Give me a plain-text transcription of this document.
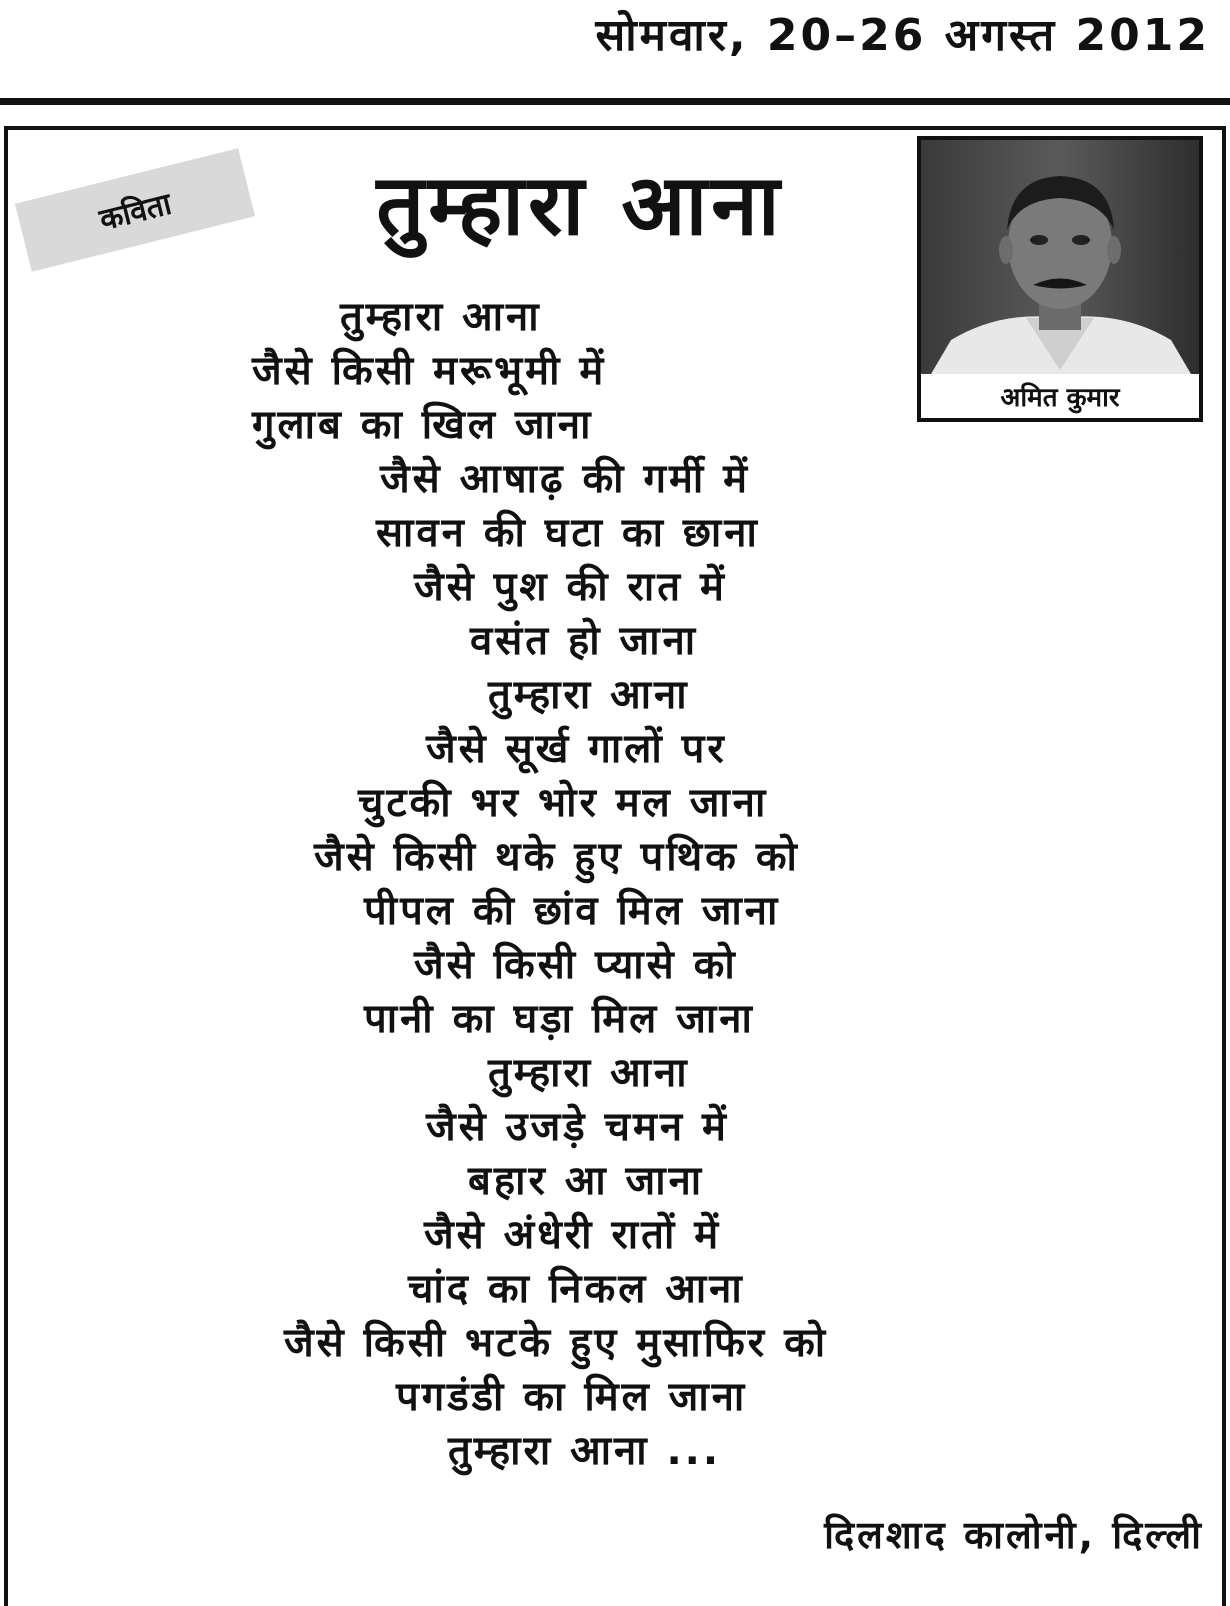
सोमवार, 20–26 अगस्त 2012
कविता	तुम्हारा आना
अमित कुमार
तुम्हारा आना
जैसे किसी मरूभूमी में
गुलाब का खिल जाना
जैसे आषाढ़ की गर्मी में
सावन की घटा का छाना
जैसे पुश की रात में
वसंत हो जाना
तुम्हारा आना
जैसे सूर्ख गालों पर
चुटकी भर भोर मल जाना
जैसे किसी थके हुए पथिक को
पीपल की छांव मिल जाना
जैसे किसी प्यासे को
पानी का घड़ा मिल जाना
तुम्हारा आना
जैसे उजड़े चमन में
बहार आ जाना
जैसे अंधेरी रातों में
चांद का निकल आना
जैसे किसी भटके हुए मुसाफिर को
पगडंडी का मिल जाना
तुम्हारा आना ...
दिलशाद कालोनी, दिल्ली
